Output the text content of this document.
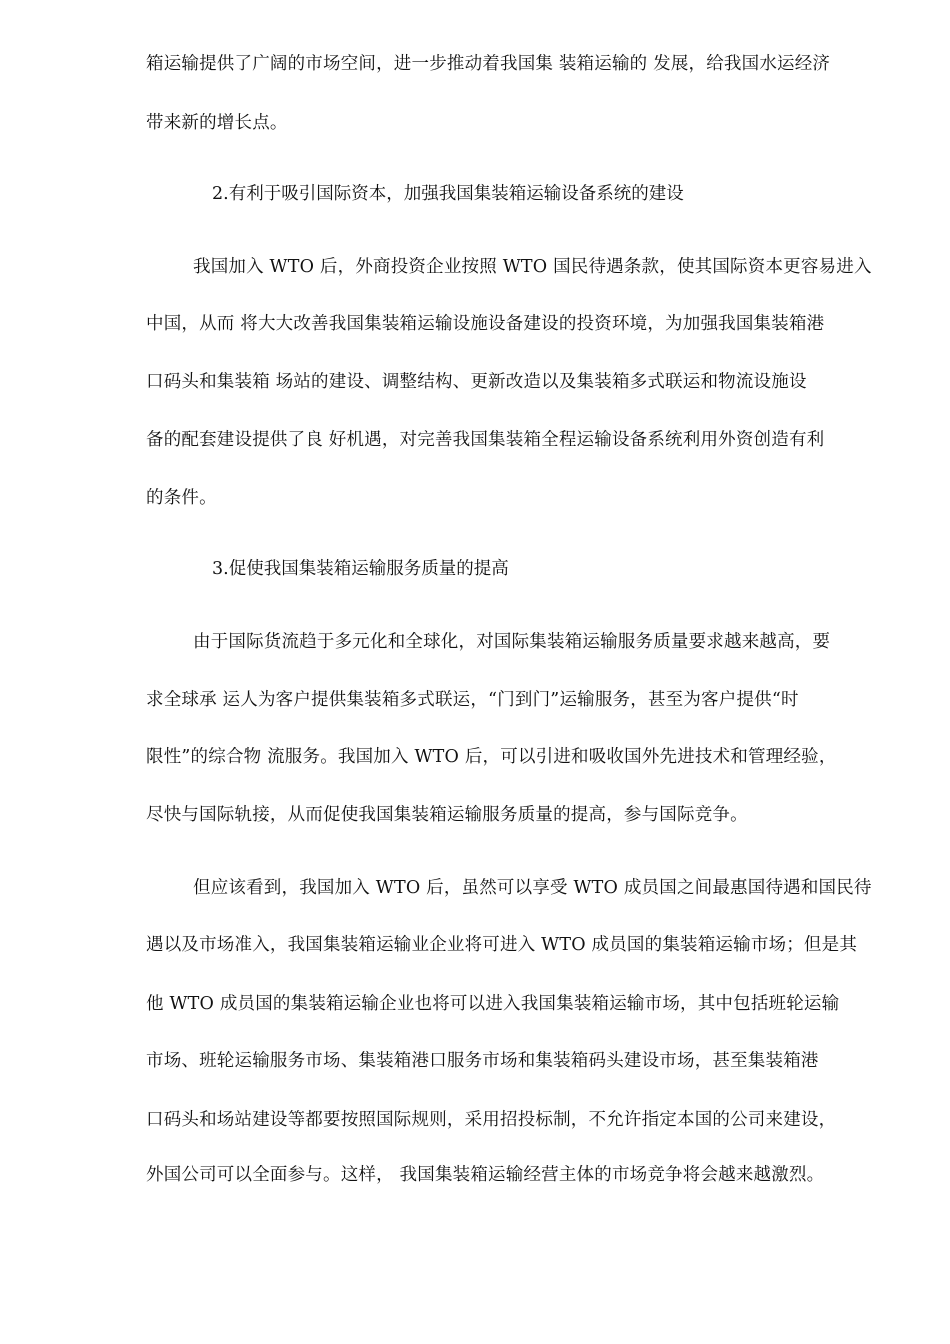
箱运输提供了广阔的市场空间，进一步推动着我国集 装箱运输的 发展，给我国水运经济
带来新的增长点。
2.有利于吸引国际资本，加强我国集装箱运输设备系统的建设
我国加入 WTO 后，外商投资企业按照 WTO 国民待遇条款，使其国际资本更容易进入
中国，从而 将大大改善我国集装箱运输设施设备建设的投资环境，为加强我国集装箱港
口码头和集装箱 场站的建设、调整结构、更新改造以及集装箱多式联运和物流设施设
备的配套建设提供了良 好机遇，对完善我国集装箱全程运输设备系统利用外资创造有利
的条件。
3.促使我国集装箱运输服务质量的提高
由于国际货流趋于多元化和全球化，对国际集装箱运输服务质量要求越来越高，要
求全球承 运人为客户提供集装箱多式联运，“门到门”运输服务，甚至为客户提供“时
限性”的综合物 流服务。我国加入 WTO 后，可以引进和吸收国外先进技术和管理经验，
尽快与国际轨接，从而促使我国集装箱运输服务质量的提高，参与国际竞争。
但应该看到，我国加入 WTO 后，虽然可以享受 WTO 成员国之间最惠国待遇和国民待
遇以及市场准入，我国集装箱运输业企业将可进入 WTO 成员国的集装箱运输市场；但是其
他 WTO 成员国的集装箱运输企业也将可以进入我国集装箱运输市场，其中包括班轮运输
市场、班轮运输服务市场、集装箱港口服务市场和集装箱码头建设市场，甚至集装箱港
口码头和场站建设等都要按照国际规则，采用招投标制，不允许指定本国的公司来建设，
外国公司可以全面参与。这样， 我国集装箱运输经营主体的市场竞争将会越来越激烈。
